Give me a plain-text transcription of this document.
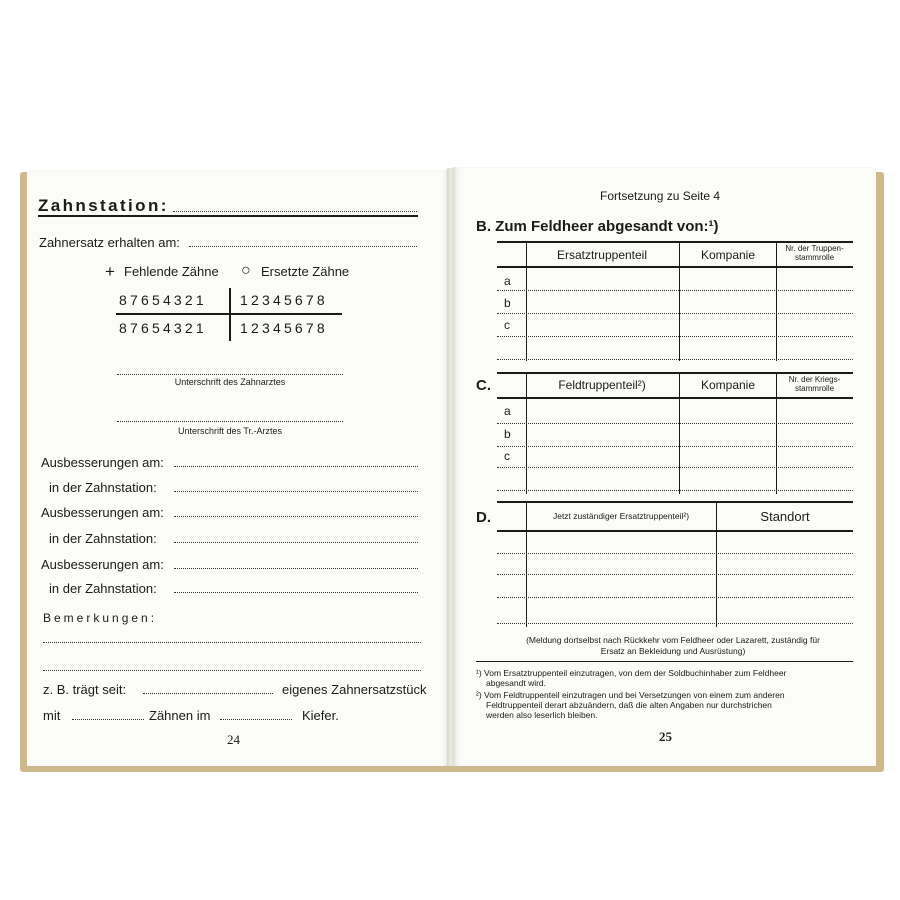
Zahnstation:
Zahnersatz erhalten am:
+ Fehlende Zähne ○ Ersetzte Zähne
87654321 12345678
87654321 12345678
Unterschrift des Zahnarztes
Unterschrift des Tr.-Arztes
Ausbesserungen am:
in der Zahnstation:
Ausbesserungen am:
in der Zahnstation:
Ausbesserungen am:
in der Zahnstation:
Bemerkungen:
z. B. trägt seit:	eigenes Zahnersatzstück
mit	Zähnen im	Kiefer.
24
Fortsetzung zu Seite 4
B. Zum Feldheer abgesandt von:¹)
Ersatztruppenteil	Kompanie	Nr. der Truppen-
stammrolle
a
b
c
C.	Feldtruppenteil²)	Kompanie	Nr. der Kriegs-
stammrolle
a
b
c
D.	Jetzt zuständiger Ersatztruppenteil²)	Standort
(Meldung dortselbst nach Rückkehr vom Feldheer oder Lazarett, zuständig für
Ersatz an Bekleidung und Ausrüstung)
¹) Vom Ersatztruppenteil einzutragen, von dem der Soldbuchinhaber zum Feldheer
abgesandt wird.
²) Vom Feldtruppenteil einzutragen und bei Versetzungen von einem zum anderen
Feldtruppenteil derart abzuändern, daß die alten Angaben nur durchstrichen
werden also leserlich bleiben.
25
